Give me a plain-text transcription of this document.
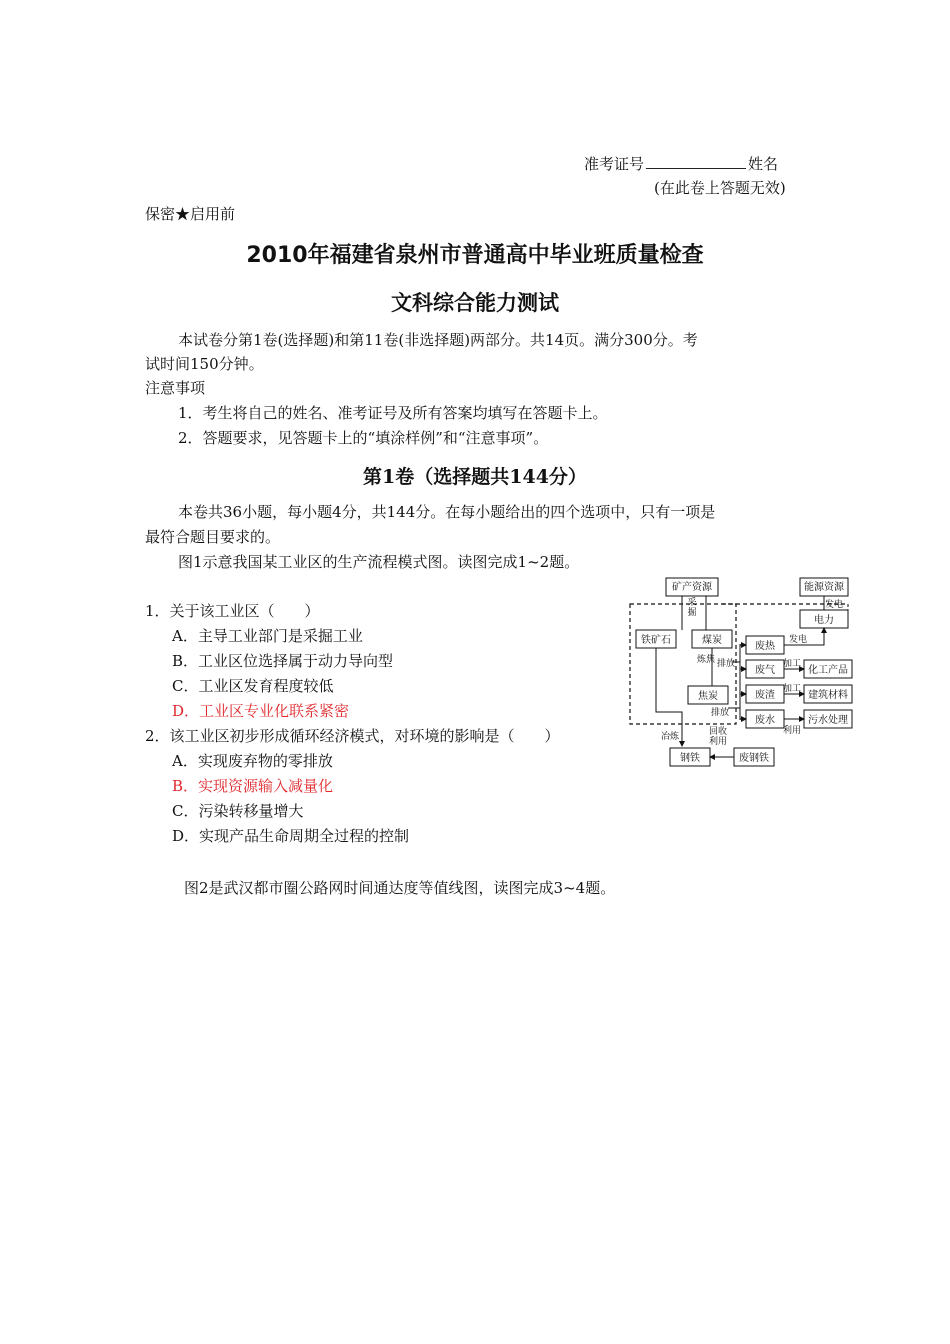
准考证号	姓名
(在此卷上答题无效)
保密★启用前
2010年福建省泉州市普通高中毕业班质量检查
文科综合能力测试
本试卷分第1卷(选择题)和第11卷(非选择题)两部分。共14页。满分300分。考
试时间150分钟。
注意事项
1．考生将自己的姓名、准考证号及所有答案均填写在答题卡上。
2．答题要求，见答题卡上的“填涂样例”和“注意事项”。
第1卷（选择题共144分）
本卷共36小题，每小题4分，共144分。在每小题给出的四个选项中，只有一项是
最符合题目要求的。
图1示意我国某工业区的生产流程模式图。读图完成1~2题。
1．关于该工业区（　　）
A．主导工业部门是采掘工业
B．工业区位选择属于动力导向型
C．工业区发育程度较低
D．工业区专业化联系紧密
2．该工业区初步形成循环经济模式，对环境的影响是（　　）
A．实现废弃物的零排放
B．实现资源输入减量化
C．污染转移量增大
D．实现产品生命周期全过程的控制
图2是武汉都市圈公路网时间通达度等值线图，读图完成3~4题。
矿产资源	能源资源
采
掘
发电
电力
铁矿石	煤炭
炼焦 排放
焦炭
排放
废热
废气
废渣
废水
发电
化工产品
加工
建筑材料
加工
污水处理
利用
冶炼	回收
利用
钢铁	废钢铁
